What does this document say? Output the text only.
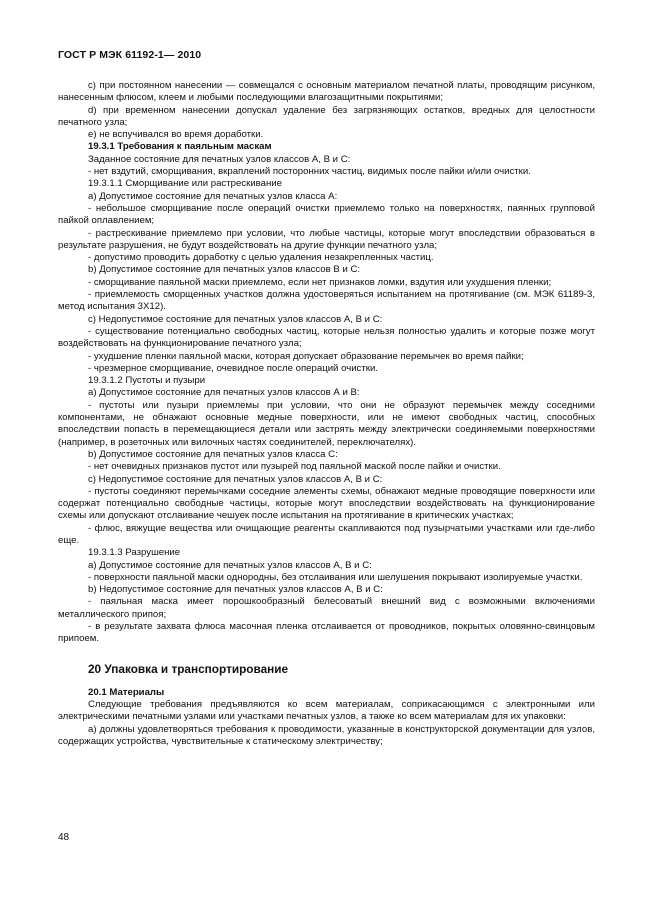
ГОСТ Р МЭК 61192-1— 2010

с) при постоянном нанесении — совмещался с основным материалом печатной платы, проводящим рисунком, нанесенным флюсом, клеем и любыми последующими влагозащитными покрытиями;

d) при временном нанесении допускал удаление без загрязняющих остатков, вредных для целостности печатного узла;

е) не вспучивался во время доработки.

19.3.1 Требования к паяльным маскам

Заданное состояние для печатных узлов классов А, В и С:

- нет вздутий, сморщивания, вкраплений посторонних частиц, видимых после пайки и/или очистки.

19.3.1.1 Сморщивание или растрескивание

а) Допустимое состояние для печатных узлов класса А:

- небольшое сморщивание после операций очистки приемлемо только на поверхностях, паянных групповой пайкой оплавлением;

- растрескивание приемлемо при условии, что любые частицы, которые могут впоследствии образоваться в результате разрушения, не будут воздействовать на другие функции печатного узла;

- допустимо проводить доработку с целью удаления незакрепленных частиц.

b) Допустимое состояние для печатных узлов классов В и С:

- сморщивание паяльной маски приемлемо, если нет признаков ломки, вздутия или ухудшения пленки;

- приемлемость сморщенных участков должна удостоверяться испытанием на протягивание (см. МЭК 61189-3, метод испытания 3Х12).

с) Недопустимое состояние для печатных узлов классов А, В и С:

- существование потенциально свободных частиц, которые нельзя полностью удалить и которые позже могут воздействовать на функционирование печатного узла;

- ухудшение пленки паяльной маски, которая допускает образование перемычек во время пайки;

- чрезмерное сморщивание, очевидное после операций очистки.

19.3.1.2 Пустоты и пузыри

а) Допустимое состояние для печатных узлов классов А и В:

- пустоты или пузыри приемлемы при условии, что они не образуют перемычек между соседними компонентами, не обнажают основные медные поверхности, или не имеют свободных частиц, способных впоследствии попасть в перемещающиеся детали или застрять между электрически соединяемыми поверхностями (например, в розеточных или вилочных частях соединителей, переключателях).

b) Допустимое состояние для печатных узлов класса С:

- нет очевидных признаков пустот или пузырей под паяльной маской после пайки и очистки.

с) Недопустимое состояние для печатных узлов классов А, В и С:

- пустоты соединяют перемычками соседние элементы схемы, обнажают медные проводящие поверхности или содержат потенциально свободные частицы, которые могут впоследствии воздействовать на функционирование схемы или допускают отслаивание чешуек после испытания на протягивание в критических участках;

- флюс, вяжущие вещества или очищающие реагенты скапливаются под пузырчатыми участками или где-либо еще.

19.3.1.3 Разрушение

а) Допустимое состояние для печатных узлов классов А, В и С:

- поверхности паяльной маски однородны, без отслаивания или шелушения покрывают изолируемые участки.

b) Недопустимое состояние для печатных узлов классов А, В и С:

- паяльная маска имеет порошкообразный белесоватый внешний вид с возможными включениями металлического припоя;

- в результате захвата флюса масочная пленка отслаивается от проводников, покрытых оловянно-свинцовым припоем.

20 Упаковка и транспортирование

20.1 Материалы

Следующие требования предъявляются ко всем материалам, соприкасающимся с электронными или электрическими печатными узлами или участками печатных узлов, а также ко всем материалам для их упаковки:

а) должны удовлетворяться требования к проводимости, указанные в конструкторской документации для узлов, содержащих устройства, чувствительные к статическому электричеству;

48
